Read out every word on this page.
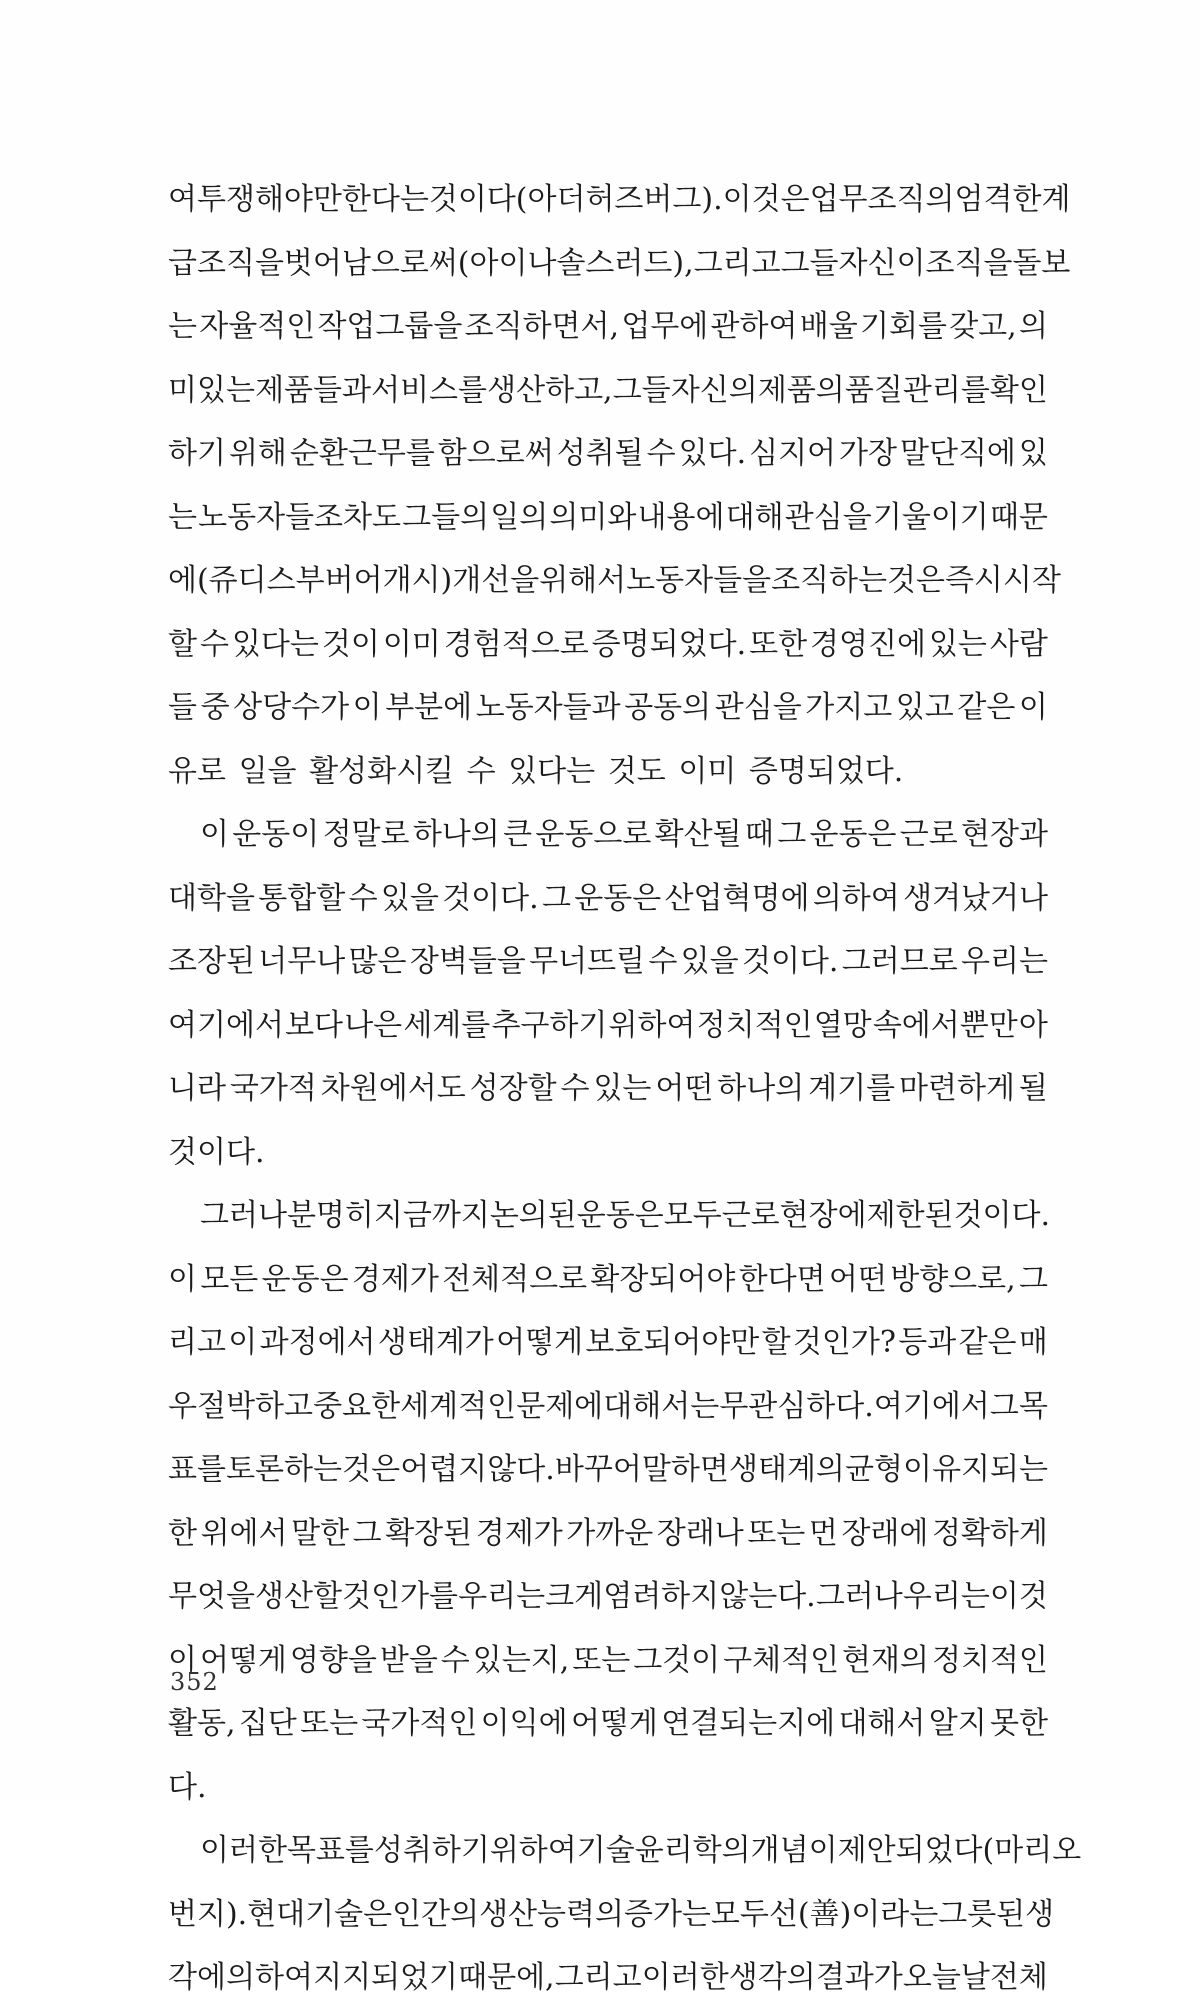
여 투쟁해야만 한다는 것이다(아더 허즈버그). 이것은 업무조직의 엄격한 계
급조직을 벗어남으로써(아이나 솔스러드), 그리고 그들 자신이 조직을 돌보
는 자율적인 작업그룹을 조직하면서, 업무에 관하여 배울 기회를 갖고, 의
미있는 제품들과 서비스를 생산하고, 그들 자신의 제품의 품질관리를 확인
하기 위해 순환근무를 함으로써 성취될 수 있다. 심지어 가장 말단직에 있
는 노동자들조차도 그들의 일의 의미와 내용에 대해 관심을 기울이기 때문
에(쥬디스 부버 어개시) 개선을 위해서 노동자들을 조직하는 것은 즉시 시작
할 수 있다는 것이 이미 경험적으로 증명되었다. 또한 경영진에 있는 사람
들 중 상당수가 이 부분에 노동자들과 공동의 관심을 가지고 있고 같은 이
유로 일을 활성화시킬 수 있다는 것도 이미 증명되었다.
이 운동이 정말로 하나의 큰 운동으로 확산될 때 그 운동은 근로 현장과
대학을 통합할 수 있을 것이다. 그 운동은 산업혁명에 의하여 생겨났거나
조장된 너무나 많은 장벽들을 무너뜨릴 수 있을 것이다. 그러므로 우리는
여기에서 보다 나은 세계를 추구하기 위하여 정치적인 열망 속에서뿐만 아
니라 국가적 차원에서도 성장할 수 있는 어떤 하나의 계기를 마련하게 될
것이다.
그러나 분명히 지금까지 논의된 운동은 모두 근로 현장에 제한된 것이다.
이 모든 운동은 경제가 전체적으로 확장되어야 한다면 어떤 방향으로, 그
리고 이 과정에서 생태계가 어떻게 보호되어야만 할 것인가? 등과 같은 매
우 절박하고 중요한 세계적인 문제에 대해서는 무관심하다. 여기에서 그 목
표를 토론하는 것은 어렵지 않다. 바꾸어 말하면 생태계의 균형이 유지되는
한 위에서 말한 그 확장된 경제가 가까운 장래나 또는 먼 장래에 정확하게
무엇을 생산할 것인가를 우리는 크게 염려하지 않는다. 그러나 우리는 이것
이 어떻게 영향을 받을 수 있는지, 또는 그것이 구체적인 현재의 정치적인
활동, 집단 또는 국가적인 이익에 어떻게 연결되는지에 대해서 알지 못한
다.
이러한 목표를 성취하기 위하여 기술윤리학의 개념이 제안되었다(마리오
번지). 현대기술은 인간의 생산능력의 증가는 모두 선(善)이라는 그릇된 생
각에 의하여 지지되었기 때문에, 그리고 이러한 생각의 결과가 오늘날 전체
352
